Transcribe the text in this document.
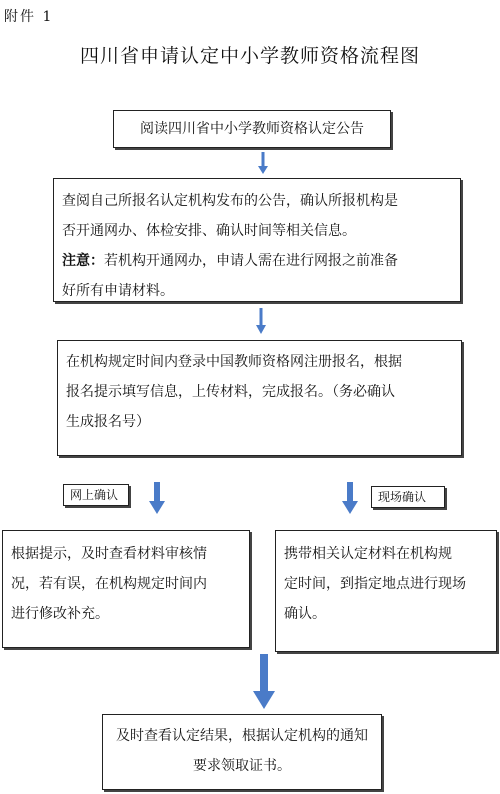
附件 1
四川省申请认定中小学教师资格流程图
阅读四川省中小学教师资格认定公告
查阅自己所报名认定机构发布的公告，确认所报机构是
否开通网办、体检安排、确认时间等相关信息。
注意：若机构开通网办，申请人需在进行网报之前准备
好所有申请材料。
在机构规定时间内登录中国教师资格网注册报名，根据
报名提示填写信息，上传材料，完成报名。（务必确认
生成报名号）
网上确认	现场确认
根据提示，及时查看材料审核情
况，若有误，在机构规定时间内
进行修改补充。
携带相关认定材料在机构规
定时间，到指定地点进行现场
确认。
及时查看认定结果，根据认定机构的通知
要求领取证书。
